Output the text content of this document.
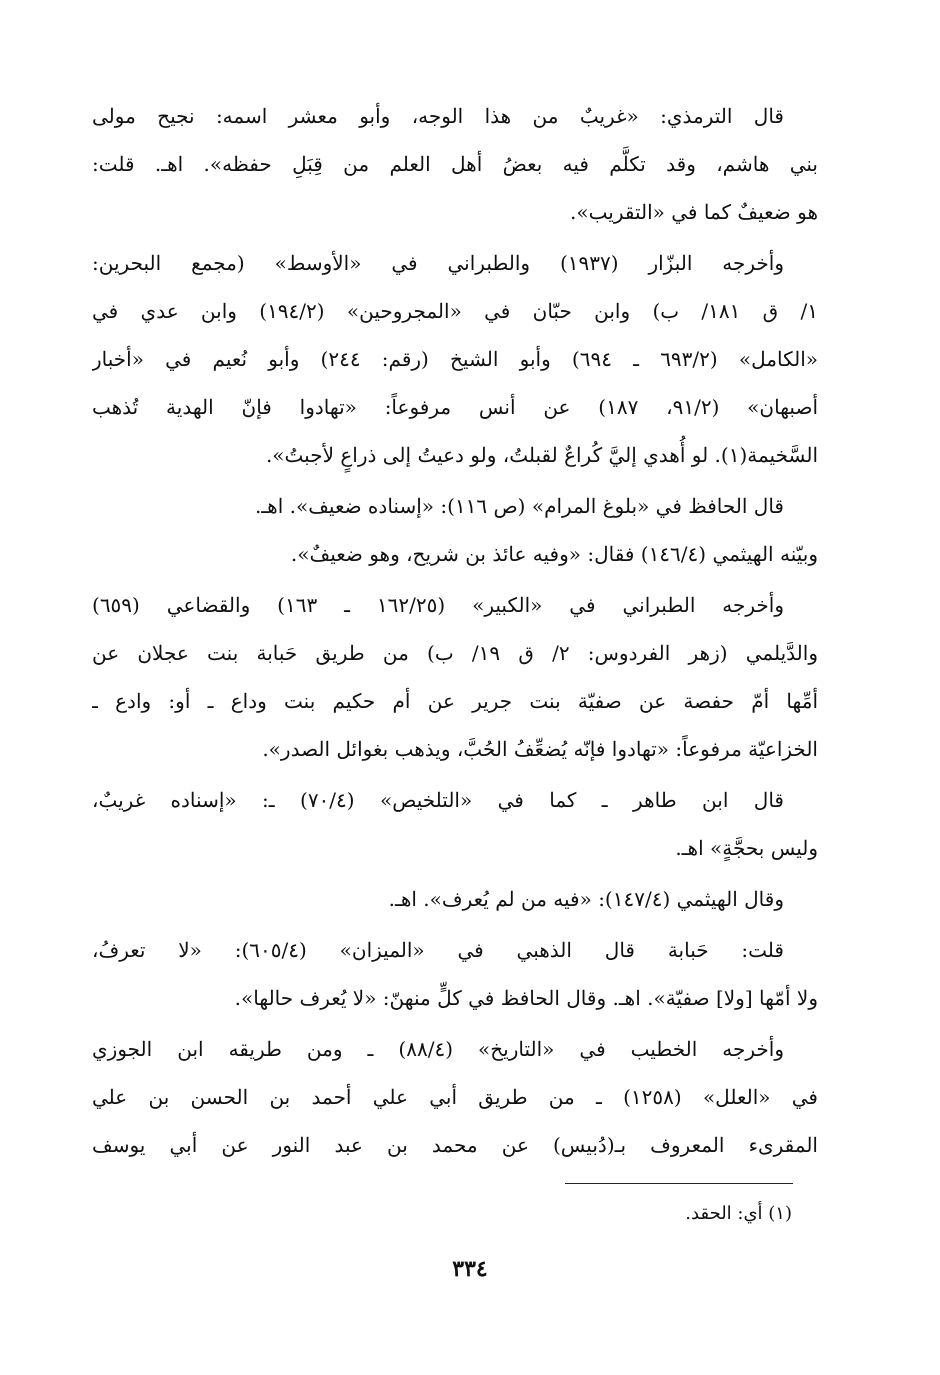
قال الترمذي: «غريبٌ من هذا الوجه، وأبو معشر اسمه: نجيح مولى
بني هاشم، وقد تكلَّم فيه بعضُ أهل العلم من قِبَلِ حفظه». اهـ. قلت:
هو ضعيفٌ كما في «التقريب».
وأخرجه البزّار (١٩٣٧) والطبراني في «الأوسط» (مجمع البحرين:
١/ ق ١٨١/ ب) وابن حبّان في «المجروحين» (١٩٤/٢) وابن عدي في
«الكامل» (٦٩٣/٢ ـ ٦٩٤) وأبو الشيخ (رقم: ٢٤٤) وأبو نُعيم في «أخبار
أصبهان» (٩١/٢، ١٨٧) عن أنس مرفوعاً: «تهادوا فإنّ الهدية تُذهب
السَّخيمة(١). لو أُهدي إليَّ كُراعٌ لقبلتُ، ولو دعيتُ إلى ذراعٍ لأجبتُ».
قال الحافظ في «بلوغ المرام» (ص ١١٦): «إسناده ضعيف». اهـ.
وبيّنه الهيثمي (١٤٦/٤) فقال: «وفيه عائذ بن شريح، وهو ضعيفٌ».
وأخرجه الطبراني في «الكبير» (١٦٢/٢٥ ـ ١٦٣) والقضاعي (٦٥٩)
والدَّيلمي (زهر الفردوس: ٢/ ق ١٩/ ب) من طريق حَبابة بنت عجلان عن
أمِّها أمّ حفصة عن صفيّة بنت جرير عن أم حكيم بنت وداع ـ أو: وادع ـ
الخزاعيّة مرفوعاً: «تهادوا فإنّه يُضعِّفُ الحُبَّ، ويذهب بغوائل الصدر».
قال ابن طاهر ـ كما في «التلخيص» (٧٠/٤) ـ: «إسناده غريبٌ،
وليس بحجَّةٍ» اهـ.
وقال الهيثمي (١٤٧/٤): «فيه من لم يُعرف». اهـ.
قلت: حَبابة قال الذهبي في «الميزان» (٦٠٥/٤): «لا تعرفُ،
ولا أمّها [ولا] صفيّة». اهـ. وقال الحافظ في كلٍّ منهنّ: «لا يُعرف حالها».
وأخرجه الخطيب في «التاريخ» (٨٨/٤) ـ ومن طريقه ابن الجوزي
في «العلل» (١٢٥٨) ـ من طريق أبي علي أحمد بن الحسن بن علي
المقرىء المعروف بـ(دُبيس) عن محمد بن عبد النور عن أبي يوسف
(١) أي: الحقد.
٣٣٤
